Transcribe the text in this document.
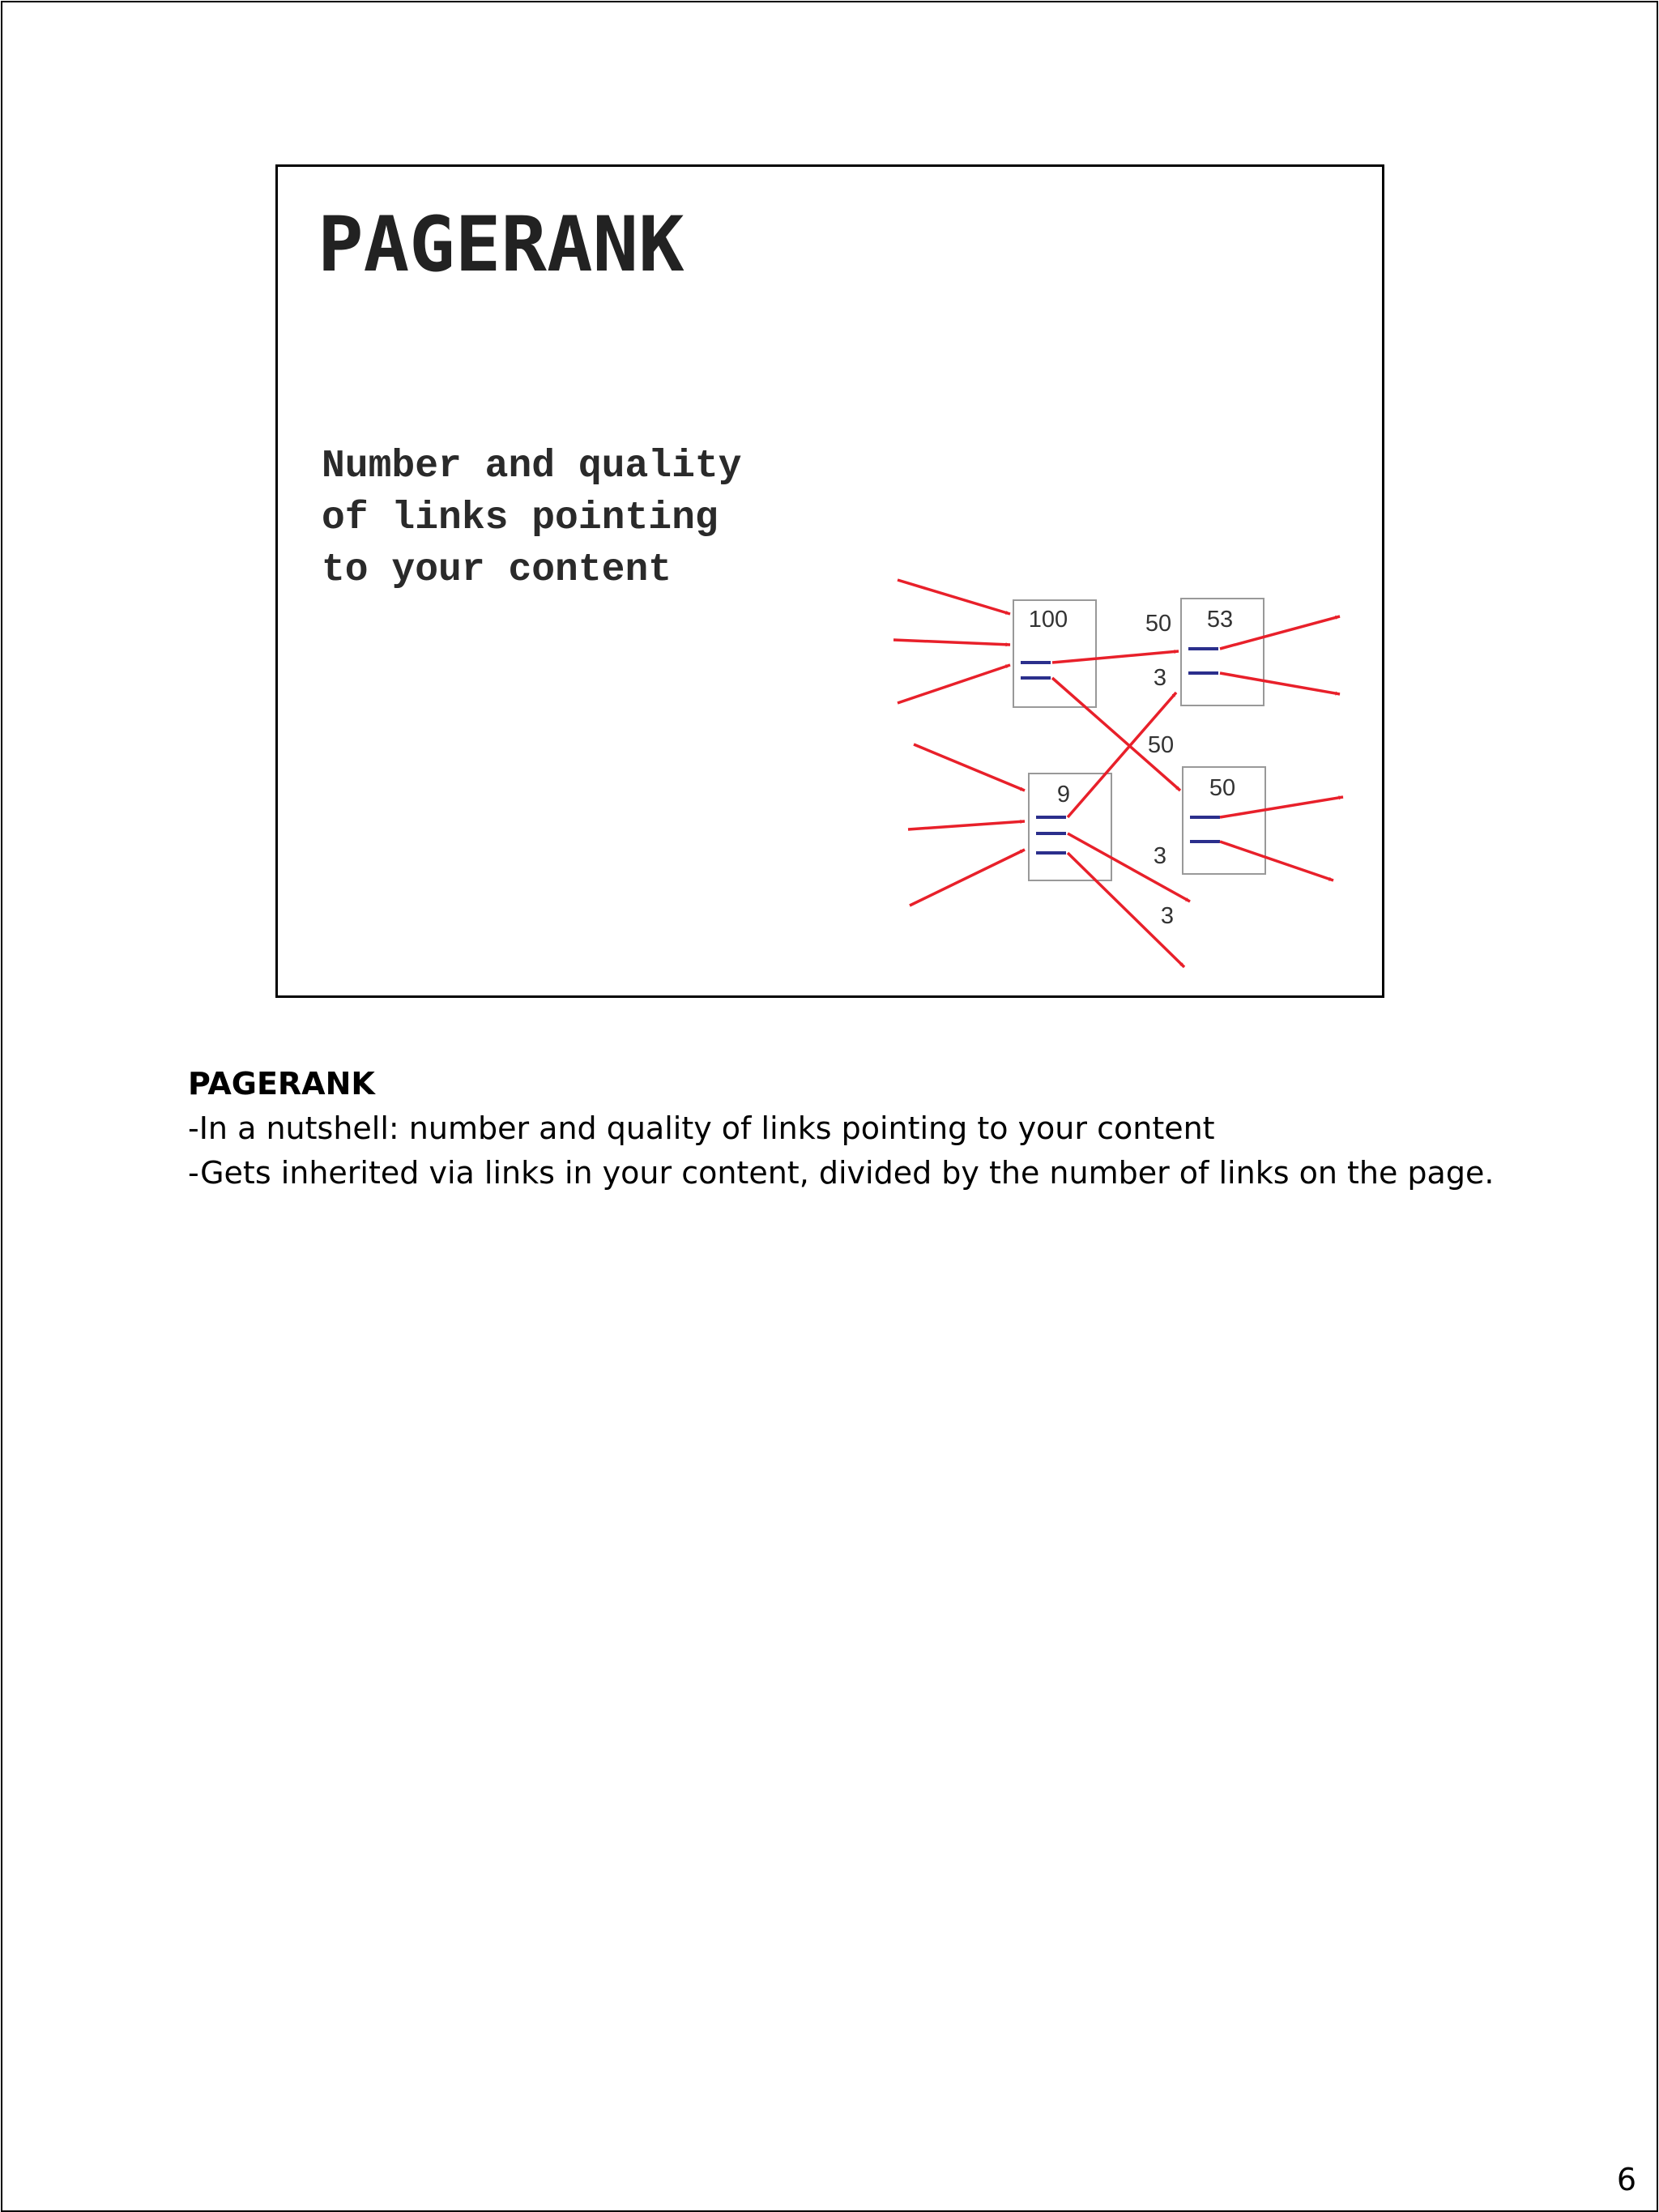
PAGERANK
Number and quality
of links pointing
to your content
100	53
9	50
50
3
50
3
3
PAGERANK
-In a nutshell: number and quality of links pointing to your content
-Gets inherited via links in your content, divided by the number of links on the page.
6
